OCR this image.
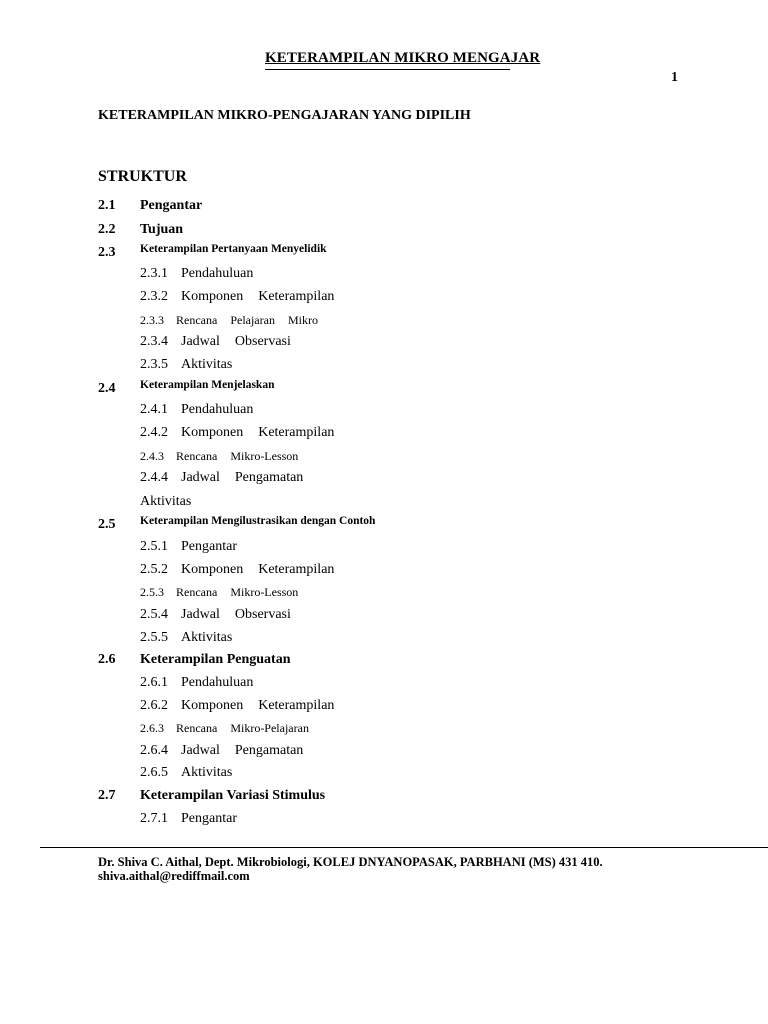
KETERAMPILAN MIKRO MENGAJAR
1
KETERAMPILAN MIKRO-PENGAJARAN YANG DIPILIH
STRUKTUR
2.1 Pengantar
2.2 Tujuan
2.3 Keterampilan Pertanyaan Menyelidik
2.3.1 Pendahuluan
2.3.2 Komponen Keterampilan
2.3.3 Rencana Pelajaran Mikro
2.3.4 Jadwal Observasi
2.3.5 Aktivitas
2.4 Keterampilan Menjelaskan
2.4.1 Pendahuluan
2.4.2 Komponen Keterampilan
2.4.3 Rencana Mikro-Lesson
2.4.4 Jadwal Pengamatan
Aktivitas
2.5 Keterampilan Mengilustrasikan dengan Contoh
2.5.1 Pengantar
2.5.2 Komponen Keterampilan
2.5.3 Rencana Mikro-Lesson
2.5.4 Jadwal Observasi
2.5.5 Aktivitas
2.6 Keterampilan Penguatan
2.6.1 Pendahuluan
2.6.2 Komponen Keterampilan
2.6.3 Rencana Mikro-Pelajaran
2.6.4 Jadwal Pengamatan
2.6.5 Aktivitas
2.7 Keterampilan Variasi Stimulus
2.7.1 Pengantar
Dr. Shiva C. Aithal, Dept. Mikrobiologi, KOLEJ DNYANOPASAK, PARBHANI (MS) 431 410.
shiva.aithal@rediffmail.com
